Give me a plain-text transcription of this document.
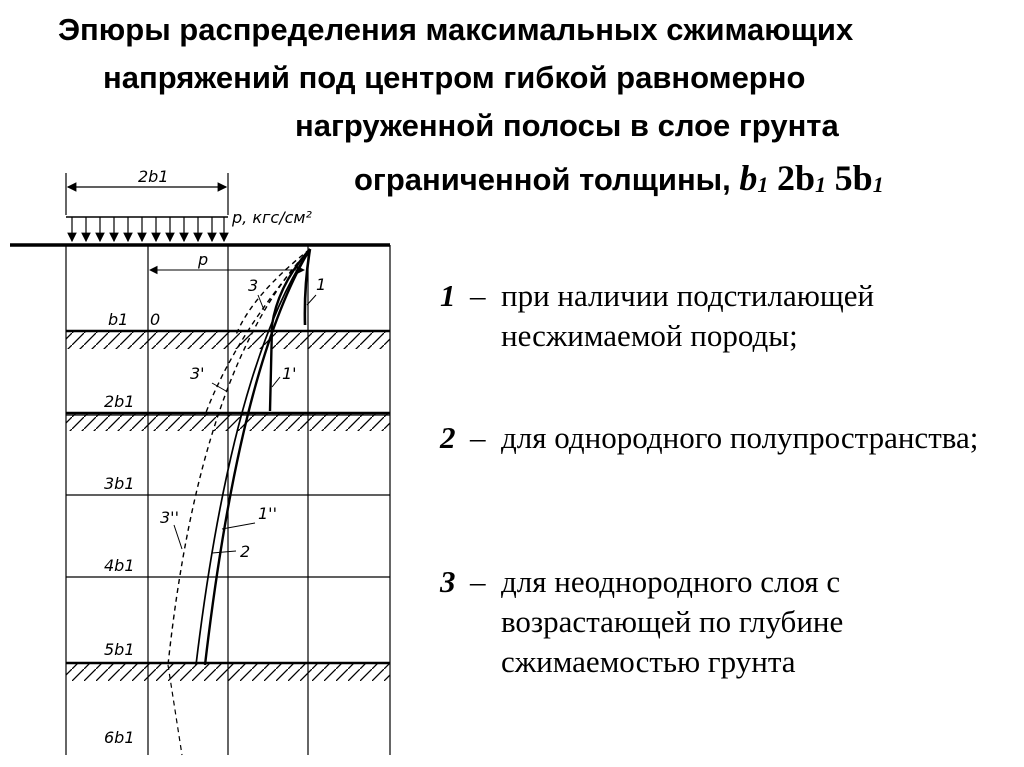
Эпюры распределения максимальных сжимающих
напряжений под центром гибкой равномерно
нагруженной полосы в слое грунта
ограниченной толщины, $b_1$ $2b_1$ $5b_1$
2b1
p, кгс/см²
p
1
3
3'	1'
3''	1''
2
b1 0
2b1
3b1
4b1
5b1
6b1
1 – при наличии подстилающей несжимаемой породы;
2 – для однородного полупространства;
3 – для неоднородного слоя с возрастающей по глубине сжимаемостью грунта
